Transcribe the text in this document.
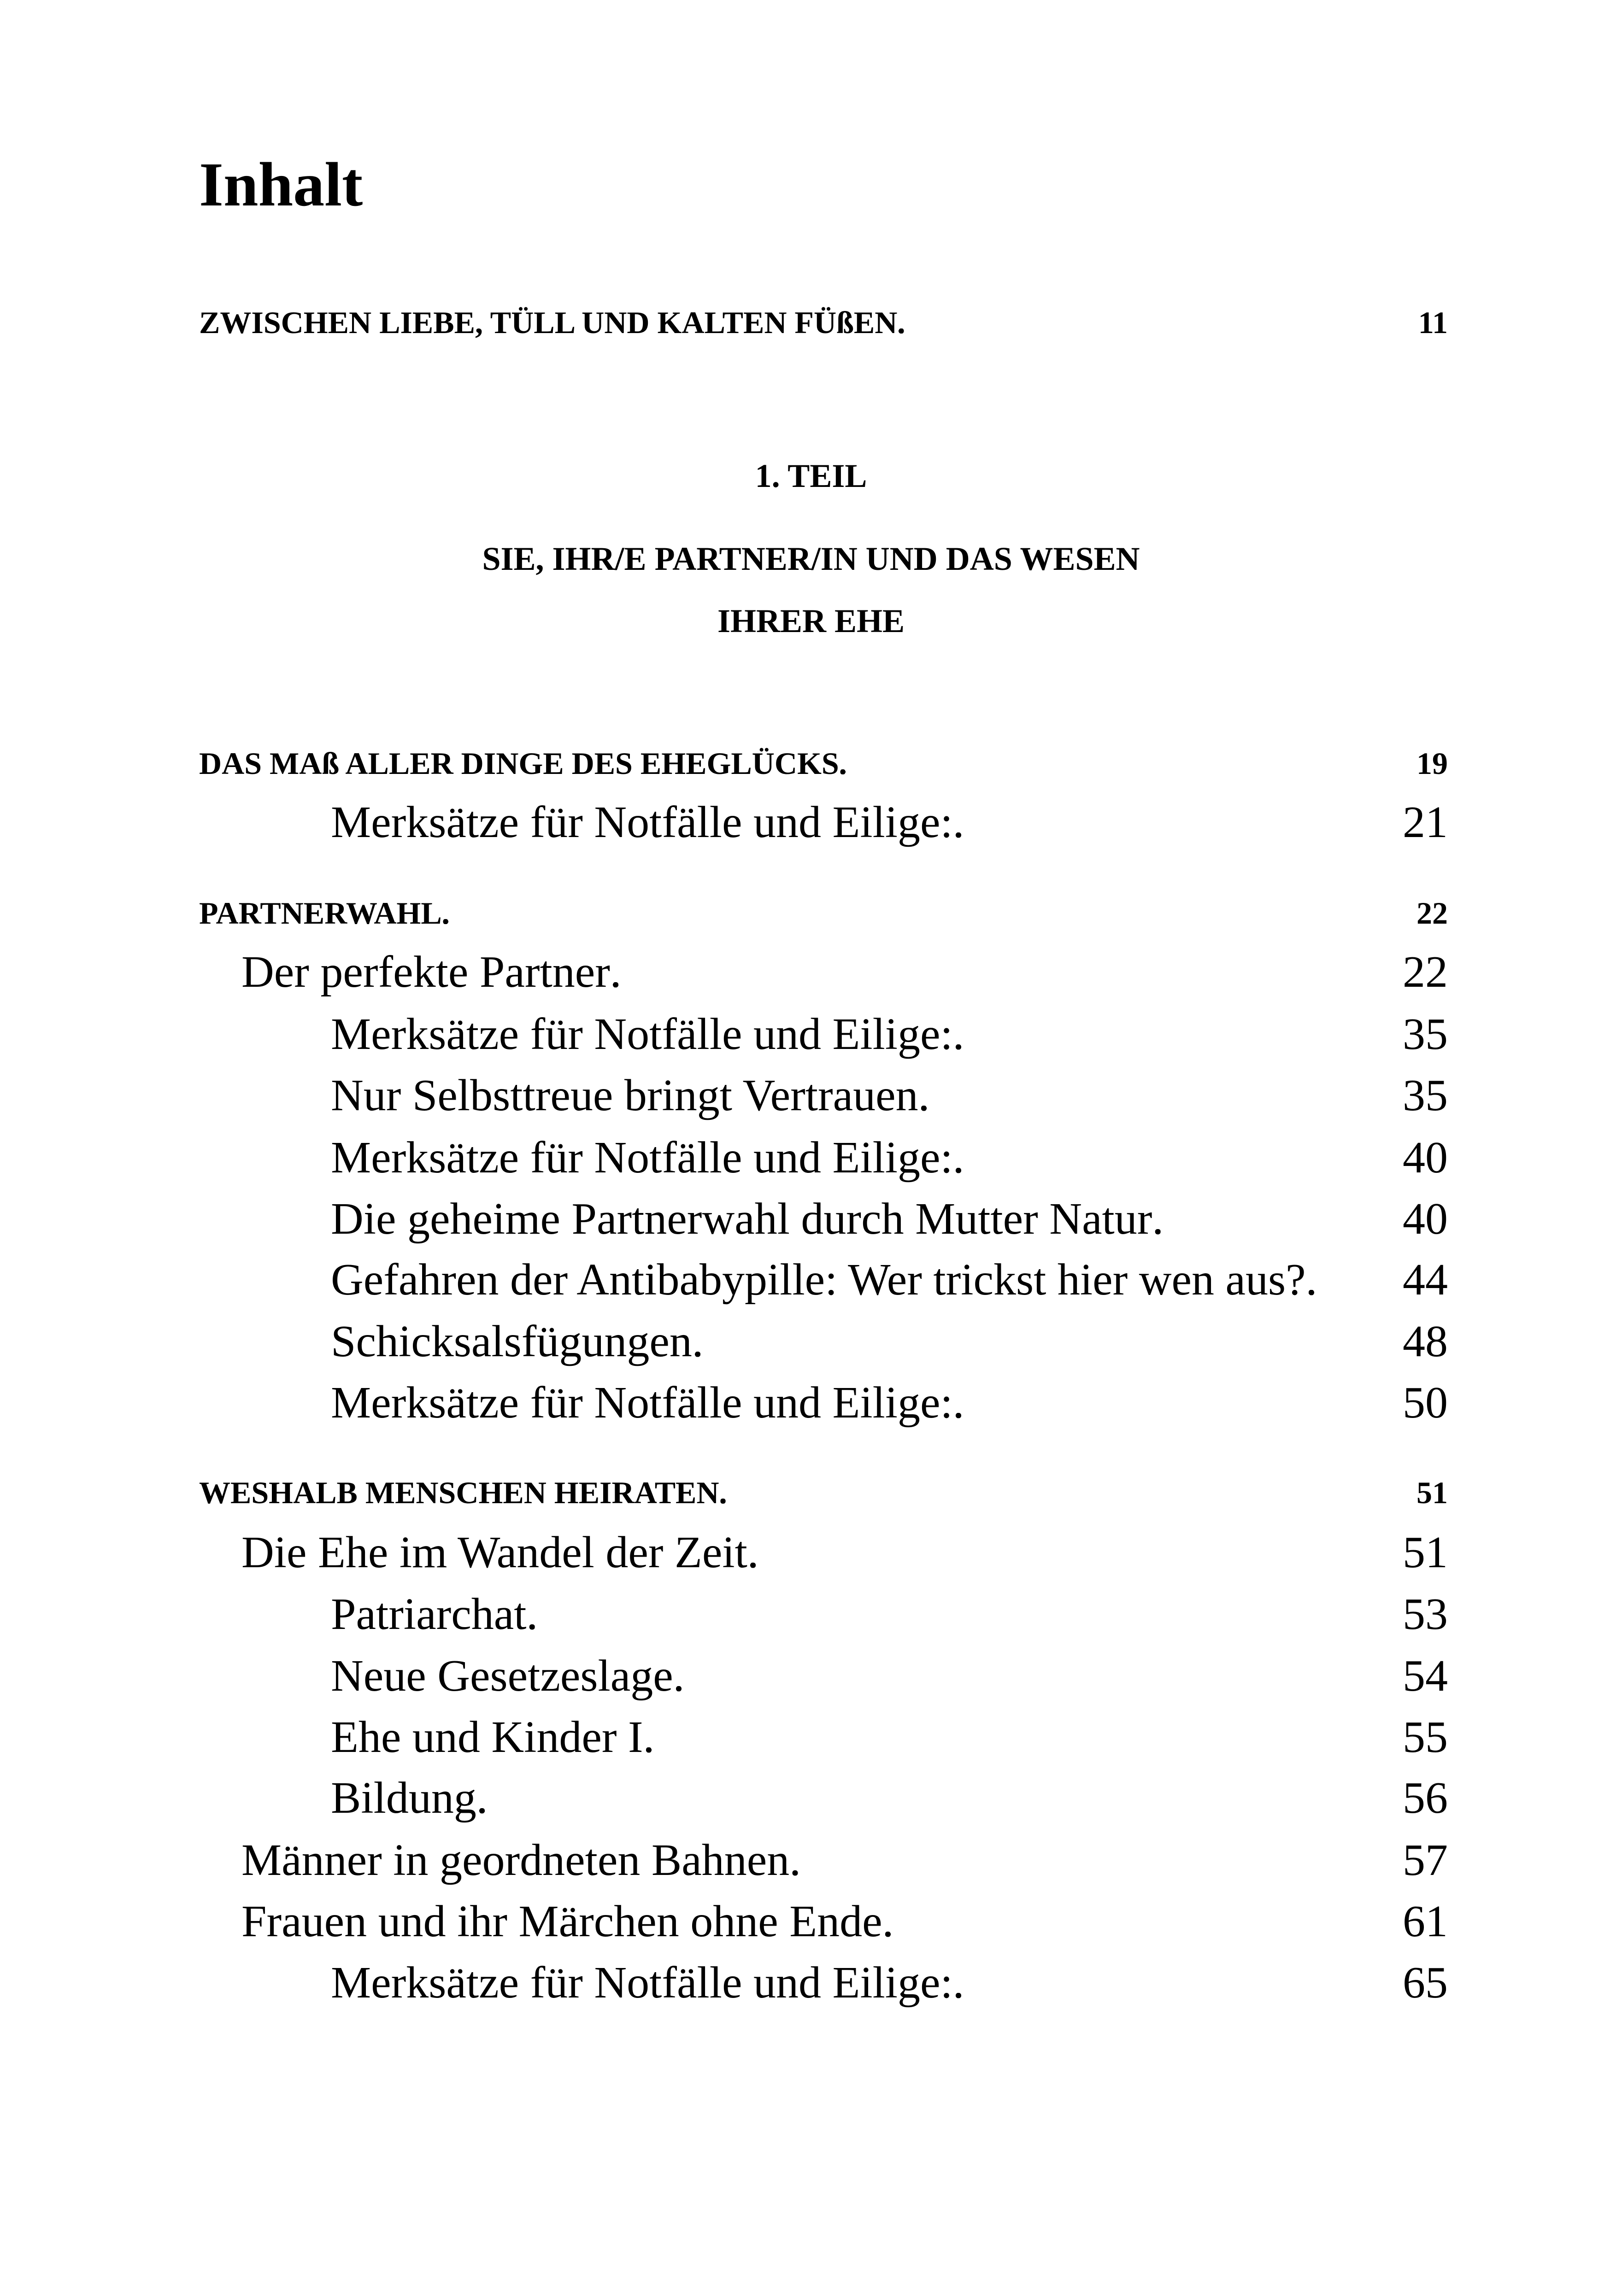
Inhalt
ZWISCHEN LIEBE, TÜLL UND KALTEN FÜßEN . . .	11

1. TEIL

SIE, IHR/E PARTNER/IN UND DAS WESEN

IHRER EHE

DAS MAß ALLER DINGE DES EHEGLÜCKS . . .	19
Merksätze für Notfälle und Eilige: . . .	21
PARTNERWAHL . . .	22
Der perfekte Partner . . .	22
Merksätze für Notfälle und Eilige: . . .	35
Nur Selbsttreue bringt Vertrauen . . .	35
Merksätze für Notfälle und Eilige: . . .	40
Die geheime Partnerwahl durch Mutter Natur . . .	40
Gefahren der Antibabypille: Wer trickst hier wen aus? . . . 44
Schicksalsfügungen . . .	48
Merksätze für Notfälle und Eilige: . . .	50
WESHALB MENSCHEN HEIRATEN . . .	51
Die Ehe im Wandel der Zeit . . .	51
Patriarchat . . .	53
Neue Gesetzeslage . . .	54
Ehe und Kinder I . . .	55
Bildung . . .	56
Männer in geordneten Bahnen . . .	57
Frauen und ihr Märchen ohne Ende . . .	61
Merksätze für Notfälle und Eilige: . . .	65
